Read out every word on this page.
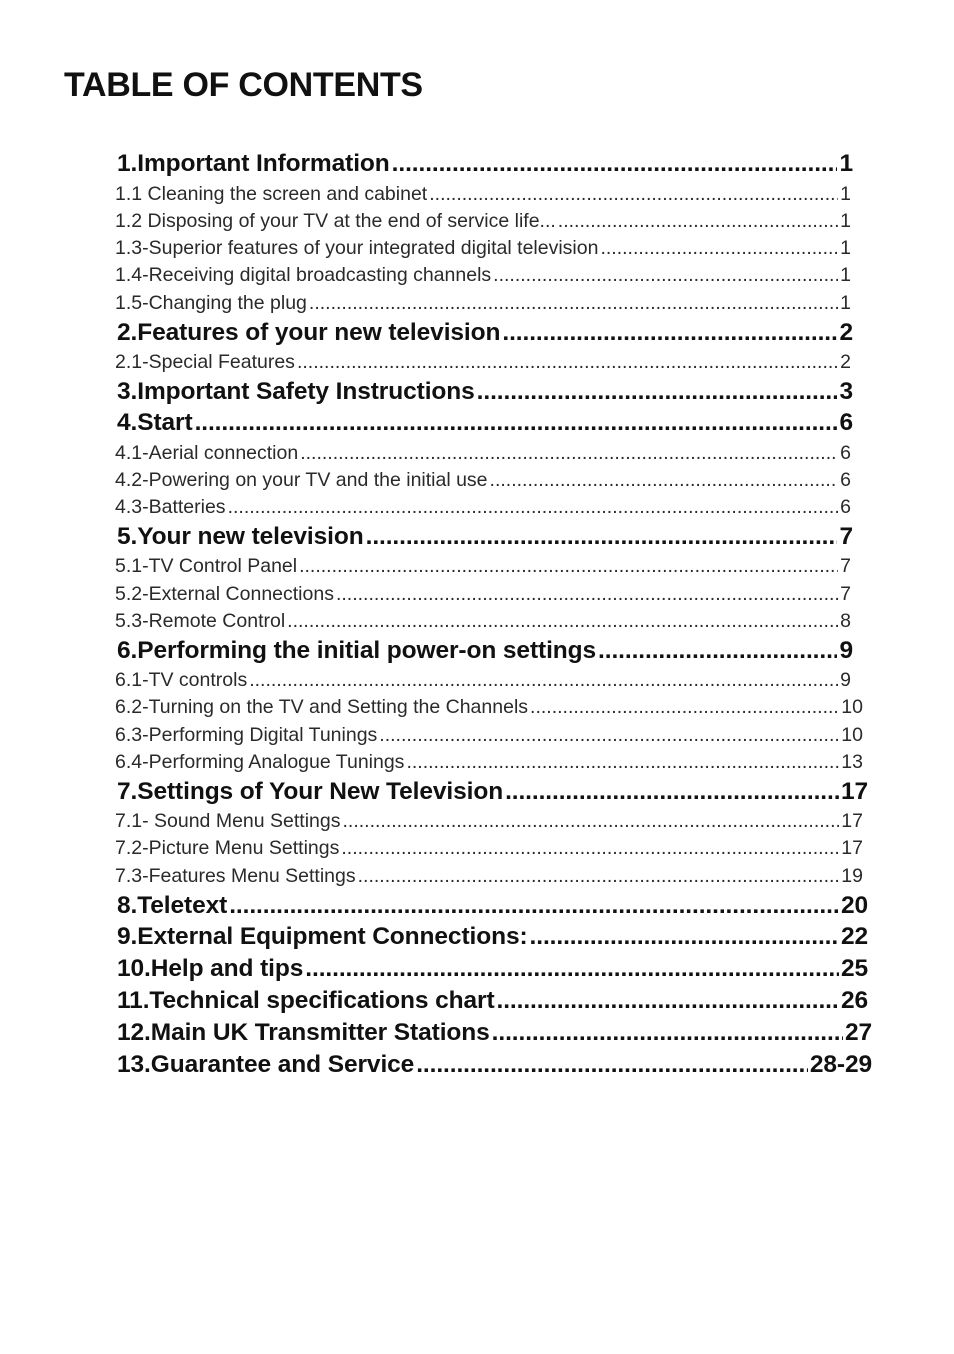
TABLE OF CONTENTS
1.Important Information .....	1
1.1 Cleaning the screen and cabinet .....	1
1.2 Disposing of your TV at the end of service life... .....	1
1.3-Superior features of your integrated digital television .....	1
1.4-Receiving digital broadcasting channels .....	1
1.5-Changing the plug .....	1
2.Features of your new television .....	2
2.1-Special Features .....	2
3.Important Safety Instructions .....	3
4.Start .....	6
4.1-Aerial connection .....	6
4.2-Powering on your TV and the initial use .....	6
4.3-Batteries .....	6
5.Your new television .....	7
5.1-TV Control Panel .....	7
5.2-External Connections .....	7
5.3-Remote Control .....	8
6.Performing the initial power-on settings .....	9
6.1-TV controls .....	9
6.2-Turning on the TV and Setting the Channels .....	10
6.3-Performing Digital Tunings .....	10
6.4-Performing Analogue Tunings .....	13
7.Settings of Your New Television .....	17
7.1- Sound Menu Settings .....	17
7.2-Picture Menu Settings .....	17
7.3-Features Menu Settings .....	19
8.Teletext .....	20
9.External Equipment Connections: .....	22
10.Help and tips .....	25
11.Technical specifications chart .....	26
12.Main UK Transmitter Stations .....	27
13.Guarantee and Service .....	28-29
